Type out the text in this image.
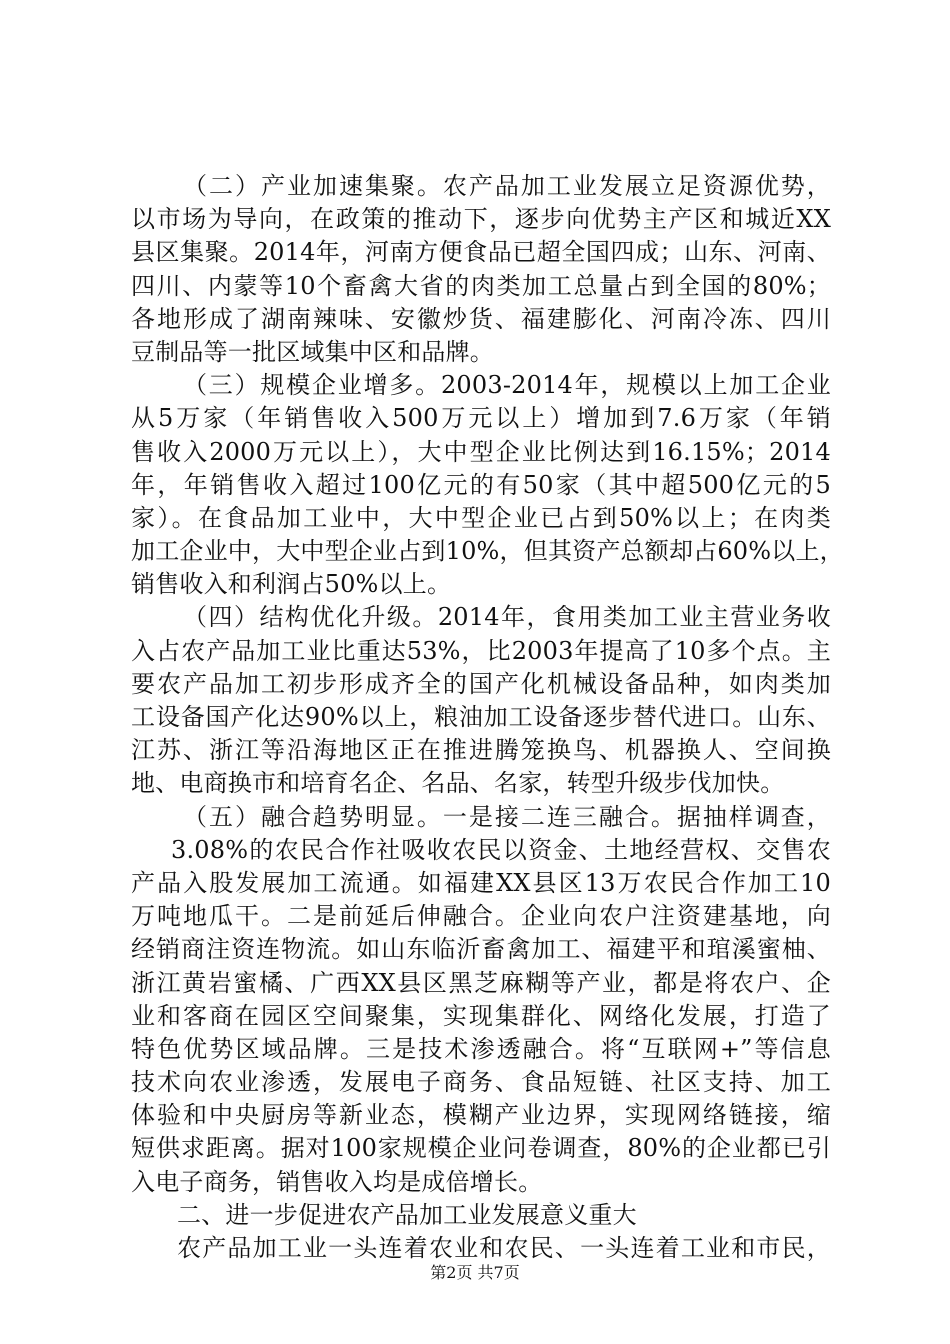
（二）产业加速集聚。农产品加工业发展立足资源优势，
以市场为导向，在政策的推动下，逐步向优势主产区和城近XX
县区集聚。2014年，河南方便食品已超全国四成；山东、河南、
四川、内蒙等10个畜禽大省的肉类加工总量占到全国的80%；
各地形成了湖南辣味、安徽炒货、福建膨化、河南冷冻、四川
豆制品等一批区域集中区和品牌。
（三）规模企业增多。2003-2014年，规模以上加工企业
从5万家（年销售收入500万元以上）增加到7.6万家（年销
售收入2000万元以上），大中型企业比例达到16.15%；2014
年，年销售收入超过100亿元的有50家（其中超500亿元的5
家）。在食品加工业中，大中型企业已占到50%以上；在肉类
加工企业中，大中型企业占到10%，但其资产总额却占60%以上，
销售收入和利润占50%以上。
（四）结构优化升级。2014年，食用类加工业主营业务收
入占农产品加工业比重达53%，比2003年提高了10多个点。主
要农产品加工初步形成齐全的国产化机械设备品种，如肉类加
工设备国产化达90%以上，粮油加工设备逐步替代进口。山东、
江苏、浙江等沿海地区正在推进腾笼换鸟、机器换人、空间换
地、电商换市和培育名企、名品、名家，转型升级步伐加快。
（五）融合趋势明显。一是接二连三融合。据抽样调查，
3.08%的农民合作社吸收农民以资金、土地经营权、交售农
产品入股发展加工流通。如福建XX县区13万农民合作加工10
万吨地瓜干。二是前延后伸融合。企业向农户注资建基地，向
经销商注资连物流。如山东临沂畜禽加工、福建平和琯溪蜜柚、
浙江黄岩蜜橘、广西XX县区黑芝麻糊等产业，都是将农户、企
业和客商在园区空间聚集，实现集群化、网络化发展，打造了
特色优势区域品牌。三是技术渗透融合。将“互联网+”等信息
技术向农业渗透，发展电子商务、食品短链、社区支持、加工
体验和中央厨房等新业态，模糊产业边界，实现网络链接，缩
短供求距离。据对100家规模企业问卷调查，80%的企业都已引
入电子商务，销售收入均是成倍增长。
二、进一步促进农产品加工业发展意义重大
农产品加工业一头连着农业和农民、一头连着工业和市民，
第2页 共7页
